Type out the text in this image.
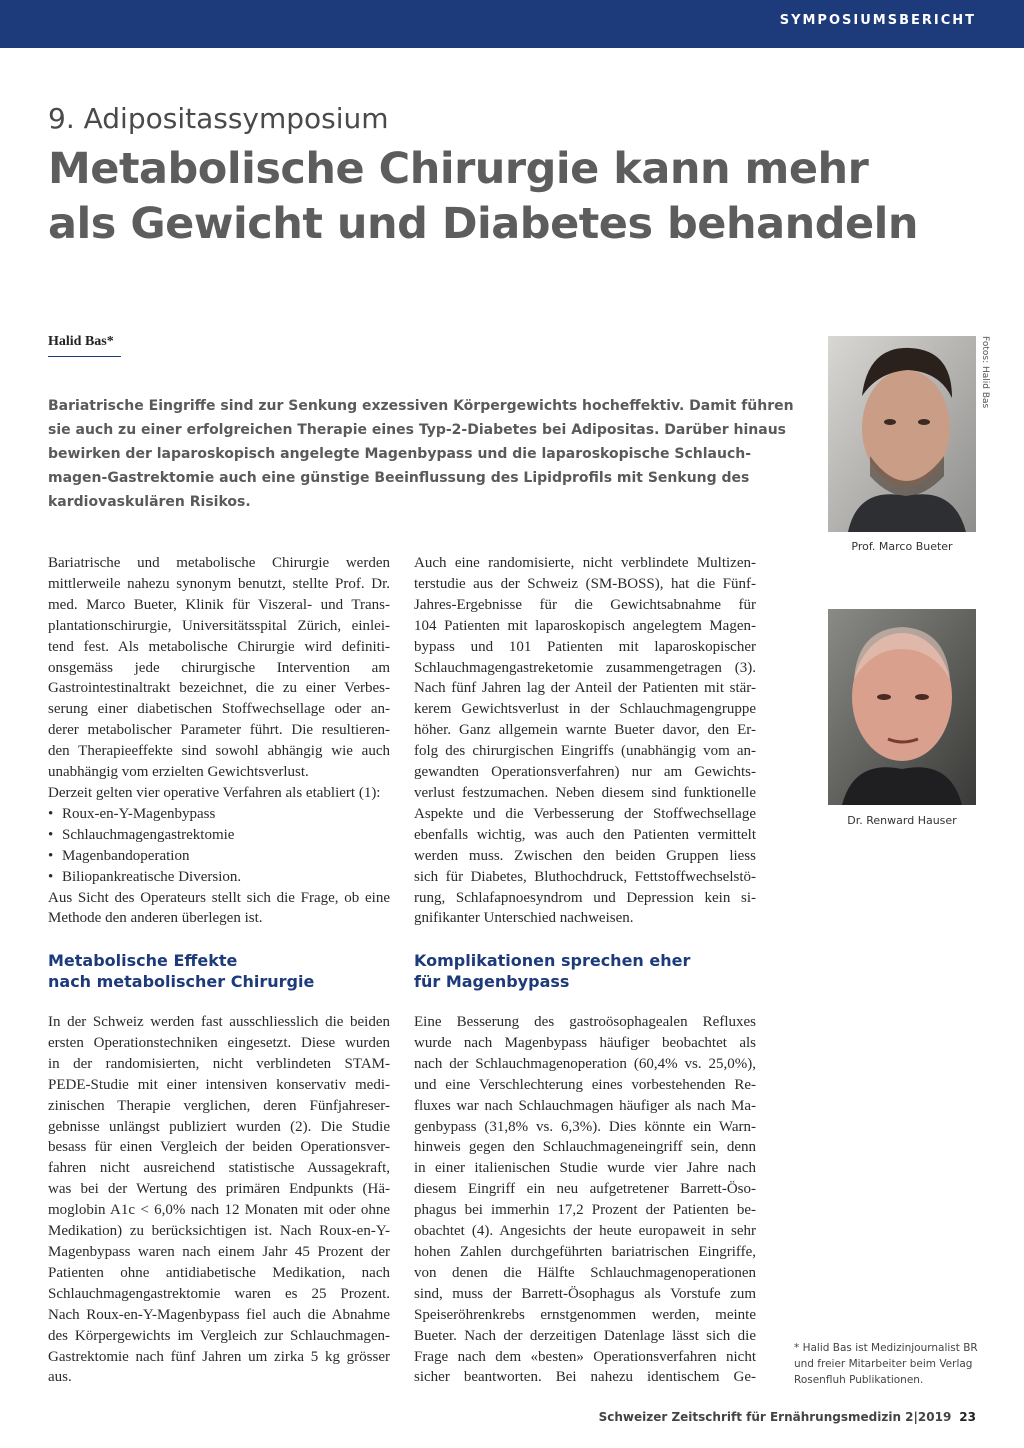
SYMPOSIUMSBERICHT
9. Adipositassymposium
Metabolische Chirurgie kann mehr
als Gewicht und Diabetes behandeln
Halid Bas*
Bariatrische Eingriffe sind zur Senkung exzessiven Körpergewichts hocheffektiv. Damit führen
sie auch zu einer erfolgreichen Therapie eines Typ-2-Diabetes bei Adipositas. Darüber hinaus
bewirken der laparoskopisch angelegte Magenbypass und die laparoskopische Schlauch-
magen-Gastrektomie auch eine günstige Beeinflussung des Lipidprofils mit Senkung des
kardiovaskulären Risikos.
Bariatrische und metabolische Chirurgie werden
mittlerweile nahezu synonym benutzt, stellte Prof. Dr.
med. Marco Bueter, Klinik für Viszeral- und Trans-
plantationschirurgie, Universitätsspital Zürich, einlei-
tend fest. Als metabolische Chirurgie wird definiti-
onsgemäss jede chirurgische Intervention am
Gastrointestinaltrakt bezeichnet, die zu einer Verbes-
serung einer diabetischen Stoffwechsellage oder an-
derer metabolischer Parameter führt. Die resultieren-
den Therapieeffekte sind sowohl abhängig wie auch
unabhängig vom erzielten Gewichtsverlust.
Derzeit gelten vier operative Verfahren als etabliert (1):
• Roux-en-Y-Magenbypass
• Schlauchmagengastrektomie
• Magenbandoperation
• Biliopankreatische Diversion.
Aus Sicht des Operateurs stellt sich die Frage, ob eine
Methode den anderen überlegen ist.
Auch eine randomisierte, nicht verblindete Multizen-
terstudie aus der Schweiz (SM-BOSS), hat die Fünf-
Jahres-Ergebnisse für die Gewichtsabnahme für
104 Patienten mit laparoskopisch angelegtem Magen-
bypass und 101 Patienten mit laparoskopischer
Schlauchmagengastreketomie zusammengetragen (3).
Nach fünf Jahren lag der Anteil der Patienten mit stär-
kerem Gewichtsverlust in der Schlauchmagengruppe
höher. Ganz allgemein warnte Bueter davor, den Er-
folg des chirurgischen Eingriffs (unabhängig vom an-
gewandten Operationsverfahren) nur am Gewichts-
verlust festzumachen. Neben diesem sind funktionelle
Aspekte und die Verbesserung der Stoffwechsellage
ebenfalls wichtig, was auch den Patienten vermittelt
werden muss. Zwischen den beiden Gruppen liess
sich für Diabetes, Bluthochdruck, Fettstoffwechselstö-
rung, Schlafapnoesyndrom und Depression kein si-
gnifikanter Unterschied nachweisen.
Metabolische Effekte
nach metabolischer Chirurgie
Komplikationen sprechen eher
für Magenbypass
In der Schweiz werden fast ausschliesslich die beiden
ersten Operationstechniken eingesetzt. Diese wurden
in der randomisierten, nicht verblindeten STAM-
PEDE-Studie mit einer intensiven konservativ medi-
zinischen Therapie verglichen, deren Fünfjahreser-
gebnisse unlängst publiziert wurden (2). Die Studie
besass für einen Vergleich der beiden Operationsver-
fahren nicht ausreichend statistische Aussagekraft,
was bei der Wertung des primären Endpunkts (Hä-
moglobin A1c < 6,0% nach 12 Monaten mit oder ohne
Medikation) zu berücksichtigen ist. Nach Roux-en-Y-
Magenbypass waren nach einem Jahr 45 Prozent der
Patienten ohne antidiabetische Medikation, nach
Schlauchmagengastrektomie waren es 25 Prozent.
Nach Roux-en-Y-Magenbypass fiel auch die Abnahme
des Körpergewichts im Vergleich zur Schlauchmagen-
Gastrektomie nach fünf Jahren um zirka 5 kg grösser
aus.
Eine Besserung des gastroösophagealen Refluxes
wurde nach Magenbypass häufiger beobachtet als
nach der Schlauchmagenoperation (60,4% vs. 25,0%),
und eine Verschlechterung eines vorbestehenden Re-
fluxes war nach Schlauchmagen häufiger als nach Ma-
genbypass (31,8% vs. 6,3%). Dies könnte ein Warn-
hinweis gegen den Schlauchmageneingriff sein, denn
in einer italienischen Studie wurde vier Jahre nach
diesem Eingriff ein neu aufgetretener Barrett-Öso-
phagus bei immerhin 17,2 Prozent der Patienten be-
obachtet (4). Angesichts der heute europaweit in sehr
hohen Zahlen durchgeführten bariatrischen Eingriffe,
von denen die Hälfte Schlauchmagenoperationen
sind, muss der Barrett-Ösophagus als Vorstufe zum
Speiseröhrenkrebs ernstgenommen werden, meinte
Bueter. Nach der derzeitigen Datenlage lässt sich die
Frage nach dem «besten» Operationsverfahren nicht
sicher beantworten. Bei nahezu identischem Ge-
Fotos: Halid Bas
Prof. Marco Bueter
Dr. Renward Hauser
* Halid Bas ist Medizinjournalist BR
und freier Mitarbeiter beim Verlag
Rosenfluh Publikationen.
Schweizer Zeitschrift für Ernährungsmedizin 2|2019 23
